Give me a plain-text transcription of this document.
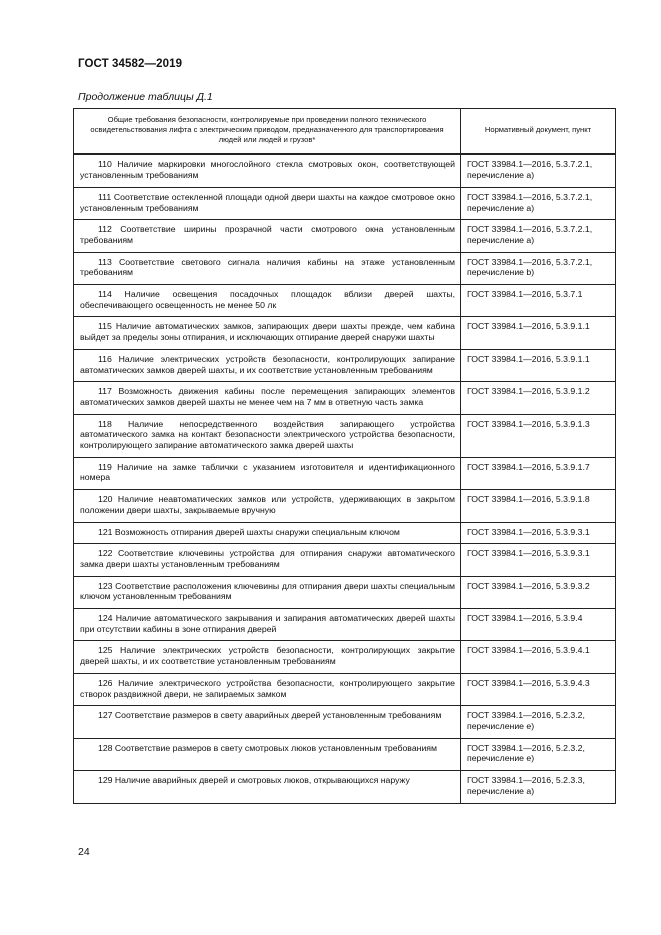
ГОСТ 34582—2019
Продолжение таблицы Д.1
Общие требования безопасности, контролируемые при проведении полного технического освидетельствования лифта с электрическим приводом, предназначенного для транспортирования людей или людей и грузов*	Нормативный документ, пункт
110 Наличие маркировки многослойного стекла смотровых окон, соответствующей установленным требованиям	ГОСТ 33984.1—2016, 5.3.7.2.1, перечисление а)
111 Соответствие остекленной площади одной двери шахты на каждое смотровое окно установленным требованиям	ГОСТ 33984.1—2016, 5.3.7.2.1, перечисление а)
112 Соответствие ширины прозрачной части смотрового окна установленным требованиям	ГОСТ 33984.1—2016, 5.3.7.2.1, перечисление а)
113 Соответствие светового сигнала наличия кабины на этаже установленным требованиям	ГОСТ 33984.1—2016, 5.3.7.2.1, перечисление b)
114 Наличие освещения посадочных площадок вблизи дверей шахты, обеспечивающего освещенность не менее 50 лк	ГОСТ 33984.1—2016, 5.3.7.1
115 Наличие автоматических замков, запирающих двери шахты прежде, чем кабина выйдет за пределы зоны отпирания, и исключающих отпирание дверей снаружи шахты	ГОСТ 33984.1—2016, 5.3.9.1.1
116 Наличие электрических устройств безопасности, контролирующих запирание автоматических замков дверей шахты, и их соответствие установленным требованиям	ГОСТ 33984.1—2016, 5.3.9.1.1
117 Возможность движения кабины после перемещения запирающих элементов автоматических замков дверей шахты не менее чем на 7 мм в ответную часть замка	ГОСТ 33984.1—2016, 5.3.9.1.2
118 Наличие непосредственного воздействия запирающего устройства автоматического замка на контакт безопасности электрического устройства безопасности, контролирующего запирание автоматического замка дверей шахты	ГОСТ 33984.1—2016, 5.3.9.1.3
119 Наличие на замке таблички с указанием изготовителя и идентификационного номера	ГОСТ 33984.1—2016, 5.3.9.1.7
120 Наличие неавтоматических замков или устройств, удерживающих в закрытом положении двери шахты, закрываемые вручную	ГОСТ 33984.1—2016, 5.3.9.1.8
121 Возможность отпирания дверей шахты снаружи специальным ключом	ГОСТ 33984.1—2016, 5.3.9.3.1
122 Соответствие ключевины устройства для отпирания снаружи автоматического замка двери шахты установленным требованиям	ГОСТ 33984.1—2016, 5.3.9.3.1
123 Соответствие расположения ключевины для отпирания двери шахты специальным ключом установленным требованиям	ГОСТ 33984.1—2016, 5.3.9.3.2
124 Наличие автоматического закрывания и запирания автоматических дверей шахты при отсутствии кабины в зоне отпирания дверей	ГОСТ 33984.1—2016, 5.3.9.4
125 Наличие электрических устройств безопасности, контролирующих закрытие дверей шахты, и их соответствие установленным требованиям	ГОСТ 33984.1—2016, 5.3.9.4.1
126 Наличие электрического устройства безопасности, контролирующего закрытие створок раздвижной двери, не запираемых замком	ГОСТ 33984.1—2016, 5.3.9.4.3
127 Соответствие размеров в свету аварийных дверей установленным требованиям	ГОСТ 33984.1—2016, 5.2.3.2, перечисление е)
128 Соответствие размеров в свету смотровых люков установленным требованиям	ГОСТ 33984.1—2016, 5.2.3.2, перечисление е)
129 Наличие аварийных дверей и смотровых люков, открывающихся наружу	ГОСТ 33984.1—2016, 5.2.3.3, перечисление а)
24
